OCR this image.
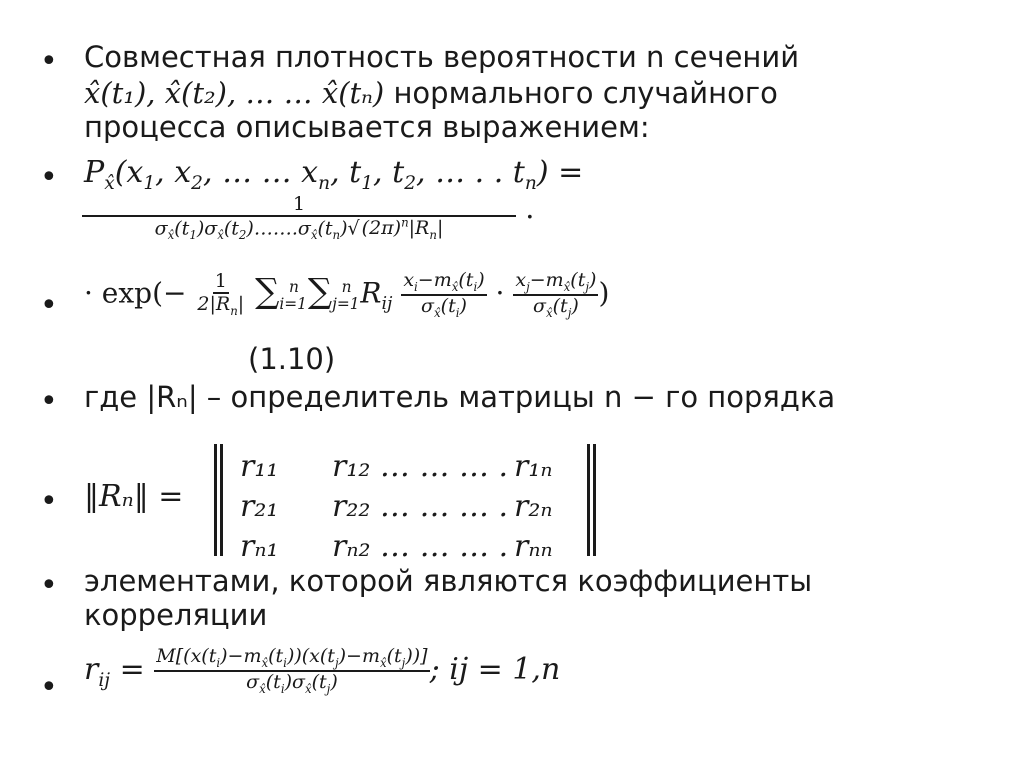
• Совместная плотность вероятности n сечений
x̂(t₁), x̂(t₂), … … x̂(tₙ) нормального случайного
процесса описывается выражением:
• $P_{x̂}(x_1$, $x_2$, … … $x_n$, $t_1$, $t_2$, … . . $t_n$) =
$\frac{1}{\sigma_{x̂}(t_1)\sigma_{x̂}(t_2)\dots\dots.\sigma_{x̂}(t_n)√ (2\pi)^n|R_n|}$ ·
• · $\exp(- \frac{1}{2|R_n|} \sum_{i=1}^n$ $\sum_{j=1}^n$ $R_{ij} \frac{x_i-m_{x̂}(t_i)}{\sigma_{x̂}(t_i)} \cdot \frac{x_j-m_{x̂}(t_j)}{\sigma_{x̂}(t_j)}$ )
(1.10)
• где |Rₙ| – определитель матрицы n − го порядка
• ‖Rₙ‖ =
r₁₁ r₁₂ … … … . r₁ₙ
r₂₁ r₂₂ … … … . r₂ₙ
rₙ₁ rₙ₂ … … … . rₙₙ
• элементами, которой являются коэффициенты
корреляции
•
$r_{ij} = \frac{M[(x(t_i)-m_{x̂}(t_i))(x(t_j)-m_{x̂}(t_j))]}{\sigma_{x̂}(t_i)\sigma_{x̂}(t_j)}$ ; ij = 1,n
